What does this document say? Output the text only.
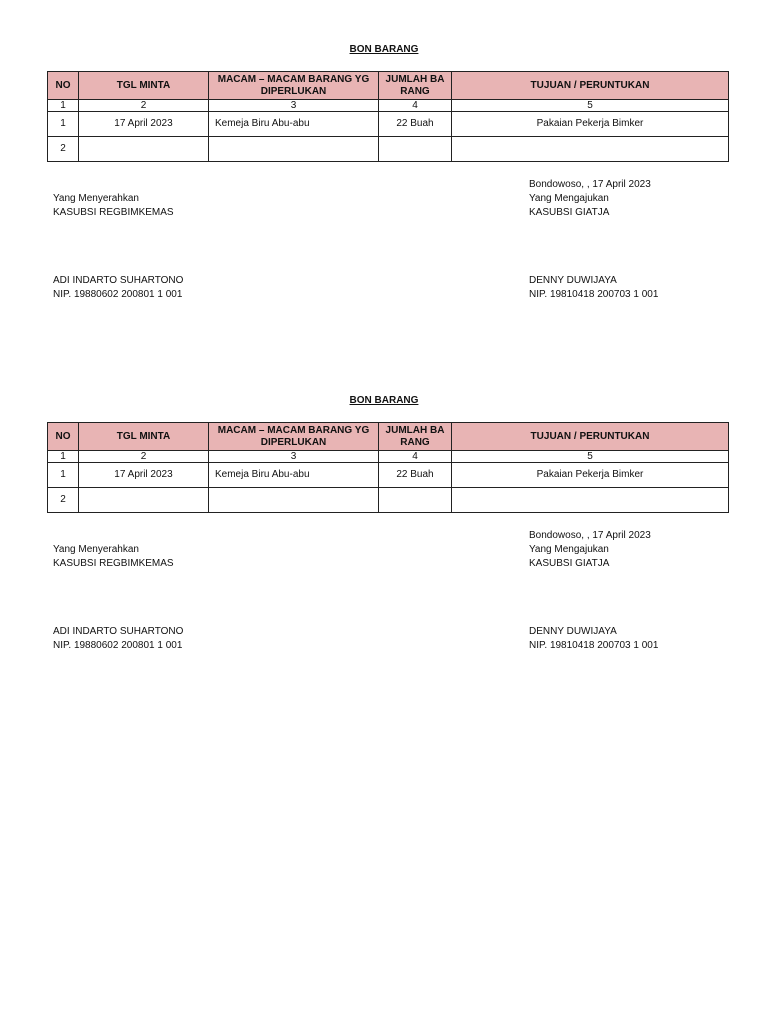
BON BARANG
NO	TGL MINTA	MACAM – MACAM BARANG YG DIPERLUKAN	JUMLAH BA RANG	TUJUAN / PERUNTUKAN
1	2	3	4	5
1	17 April 2023	Kemeja Biru Abu-abu	22 Buah	Pakaian Pekerja Bimker
2				
Bondowoso, , 17 April 2023
Yang Mengajukan
KASUBSI GIATJA
Yang Menyerahkan
KASUBSI REGBIMKEMAS
ADI INDARTO SUHARTONO
NIP. 19880602 200801 1 001
DENNY DUWIJAYA
NIP. 19810418 200703 1 001
BON BARANG
NO	TGL MINTA	MACAM – MACAM BARANG YG DIPERLUKAN	JUMLAH BA RANG	TUJUAN / PERUNTUKAN
1	2	3	4	5
1	17 April 2023	Kemeja Biru Abu-abu	22 Buah	Pakaian Pekerja Bimker
2				
Bondowoso, , 17 April 2023
Yang Mengajukan
KASUBSI GIATJA
Yang Menyerahkan
KASUBSI REGBIMKEMAS
ADI INDARTO SUHARTONO
NIP. 19880602 200801 1 001
DENNY DUWIJAYA
NIP. 19810418 200703 1 001
